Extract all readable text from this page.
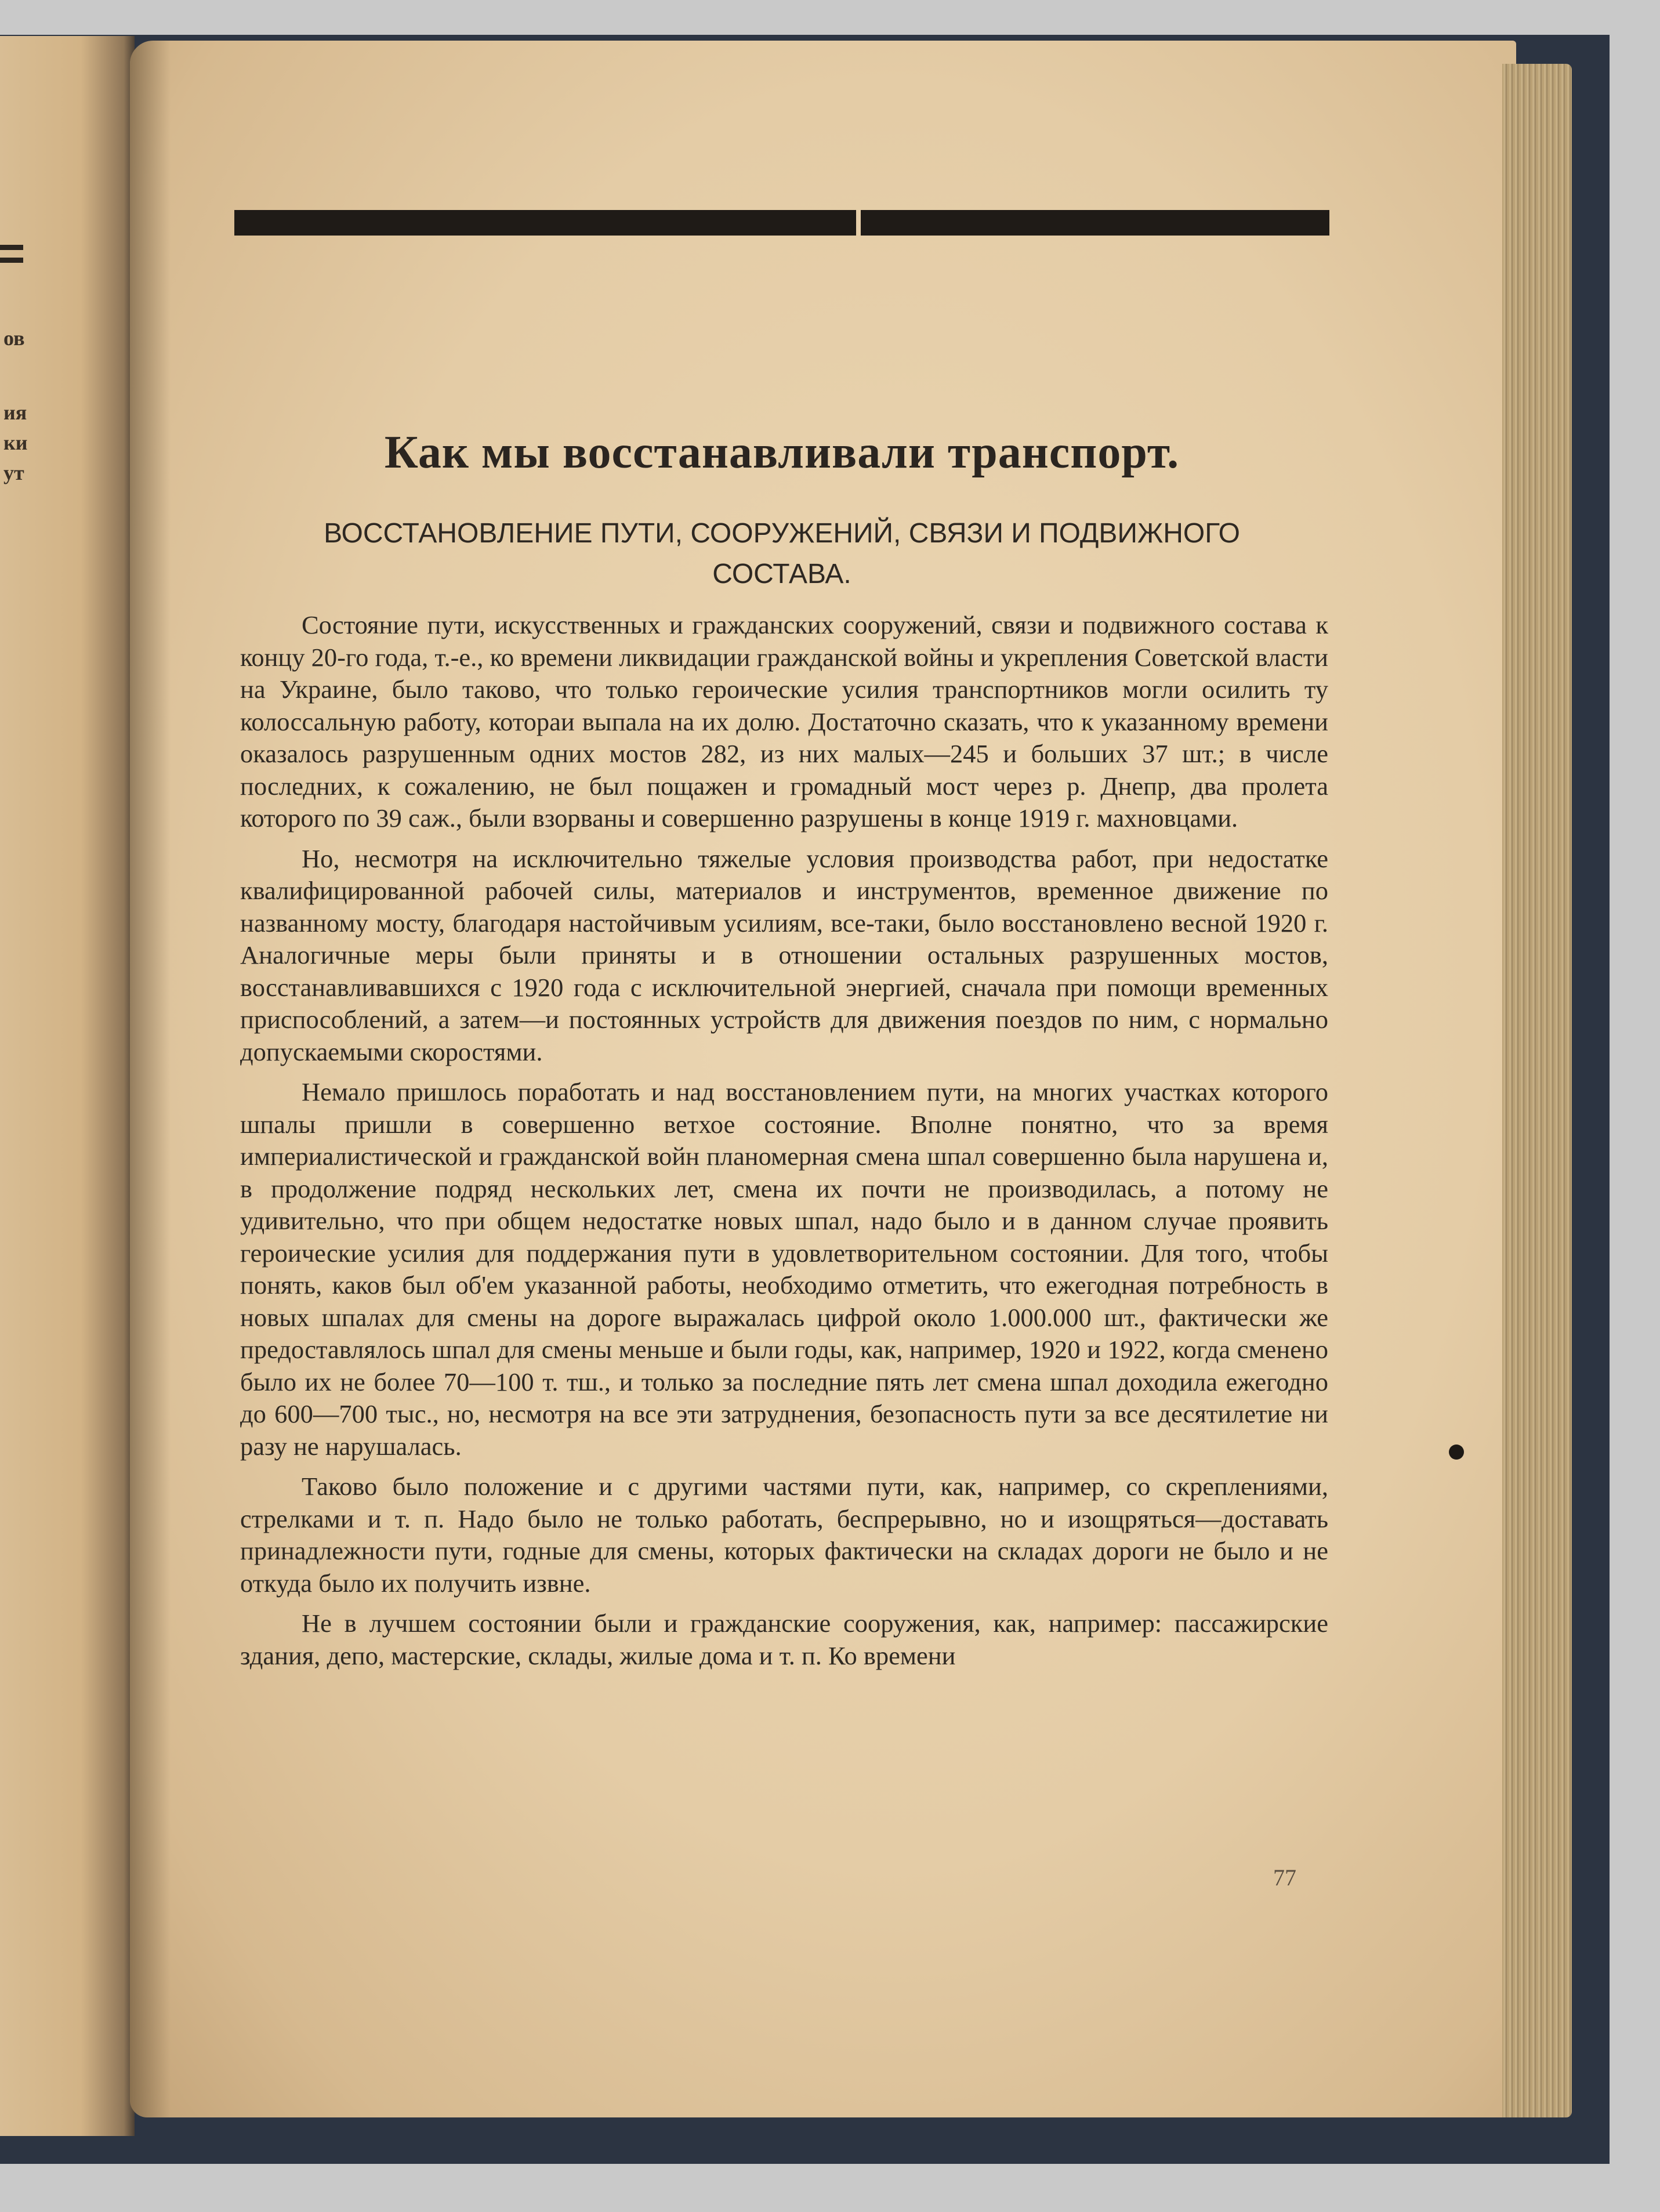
ов
ия
ки
ут	Как мы восстанавливали транспорт.
ВОССТАНОВЛЕНИЕ ПУТИ, СООРУЖЕНИЙ, СВЯЗИ И ПОДВИЖНОГО
СОСТАВА.

Состояние пути, искусственных и гражданских сооружений, связи и подвижного состава к концу 20-го года, т.-е., ко времени ликвидации гражданской войны и укрепления Советской власти на Украине, было таково, что только героические усилия транспортников могли осилить ту колоссальную работу, котораи выпала на их долю. Достаточно сказать, что к указанному времени оказалось разрушенным одних мостов 282, из них малых—245 и больших 37 шт.; в числе последних, к сожалению, не был пощажен и громадный мост через р. Днепр, два пролета которого по 39 саж., были взорваны и совершенно разрушены в конце 1919 г. махновцами.

Но, несмотря на исключительно тяжелые условия производства работ, при недостатке квалифицированной рабочей силы, материалов и инструментов, временное движение по названному мосту, благодаря настойчивым усилиям, все-таки, было восстановлено весной 1920 г. Аналогичные меры были приняты и в отношении остальных разрушенных мостов, восстанавливавшихся с 1920 года с исключительной энергией, сначала при помощи временных приспособлений, а затем—и постоянных устройств для движения поездов по ним, с нормально допускаемыми скоростями.

Немало пришлось поработать и над восстановлением пути, на многих участках которого шпалы пришли в совершенно ветхое состояние. Вполне понятно, что за время империалистической и гражданской войн планомерная смена шпал совершенно была нарушена и, в продолжение подряд нескольких лет, смена их почти не производилась, а потому не удивительно, что при общем недостатке новых шпал, надо было и в данном случае проявить героические усилия для поддержания пути в удовлетворительном состоянии. Для того, чтобы понять, каков был об'ем указанной работы, необходимо отметить, что ежегодная потребность в новых шпалах для смены на дороге выражалась цифрой около 1.000.000 шт., фактически же предоставлялось шпал для смены меньше и были годы, как, например, 1920 и 1922, когда сменено было их не более 70—100 т. тш., и только за последние пять лет смена шпал доходила ежегодно до 600—700 тыс., но, несмотря на все эти затруднения, безопасность пути за все десятилетие ни разу не нарушалась.

Таково было положение и с другими частями пути, как, например, со скреплениями, стрелками и т. п. Надо было не только работать, беспрерывно, но и изощряться—доставать принадлежности пути, годные для смены, которых фактически на складах дороги не было и не откуда было их получить извне.

Не в лучшем состоянии были и гражданские сооружения, как, например: пассажирские здания, депо, мастерские, склады, жилые дома и т. п. Ко времени

77
